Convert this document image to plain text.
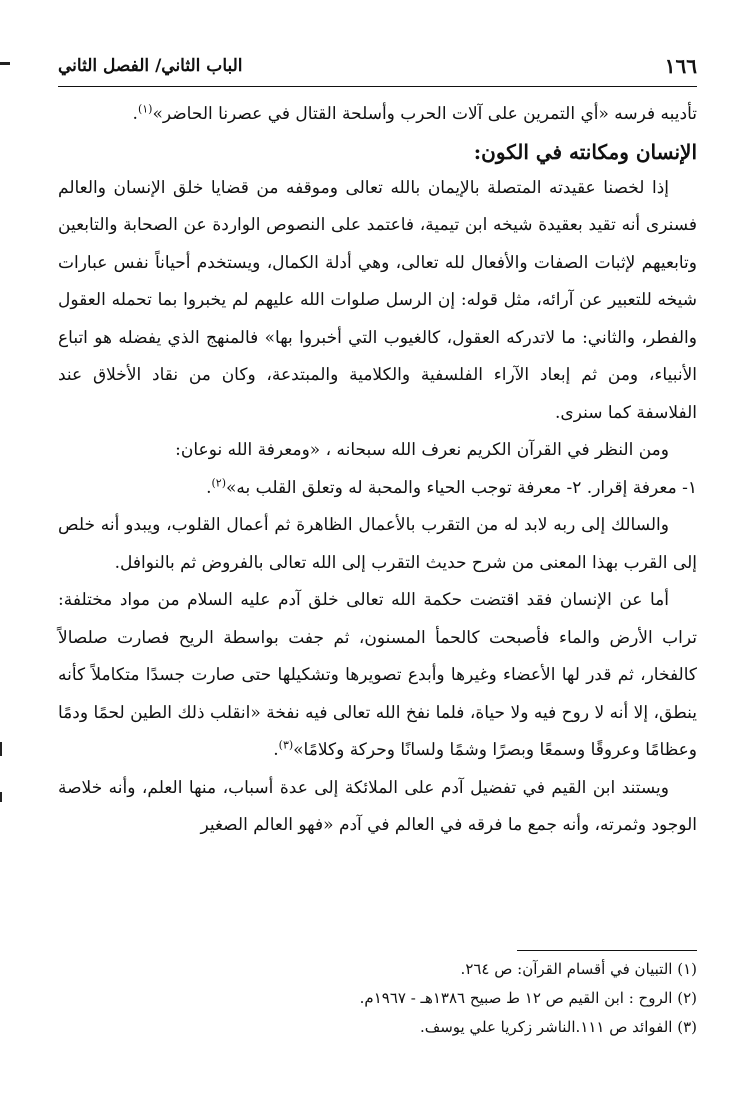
١٦٦
الباب الثاني/ الفصل الثاني

تأديبه فرسه «أي التمرين على آلات الحرب وأسلحة القتال في عصرنا الحاضر»$^{(١)}$.

الإنسان ومكانته في الكون:

إذا لخصنا عقيدته المتصلة بالإيمان بالله تعالى وموقفه من قضايا خلق الإنسان والعالم فسنرى أنه تقيد بعقيدة شيخه ابن تيمية، فاعتمد على النصوص الواردة عن الصحابة والتابعين وتابعيهم لإثبات الصفات والأفعال لله تعالى، وهي أدلة الكمال، ويستخدم أحياناً نفس عبارات شيخه للتعبير عن آرائه، مثل قوله: إن الرسل صلوات الله عليهم لم يخبروا بما تحمله العقول والفطر، والثاني: ما لاتدركه العقول، كالغيوب التي أخبروا بها» فالمنهج الذي يفضله هو اتباع الأنبياء، ومن ثم إبعاد الآراء الفلسفية والكلامية والمبتدعة، وكان من نقاد الأخلاق عند الفلاسفة كما سنرى.

ومن النظر في القرآن الكريم نعرف الله سبحانه ، «ومعرفة الله نوعان:

١- معرفة إقرار. ٢- معرفة توجب الحياء والمحبة له وتعلق القلب به»$^{(٢)}$.

والسالك إلى ربه لابد له من التقرب بالأعمال الظاهرة ثم أعمال القلوب، ويبدو أنه خلص إلى القرب بهذا المعنى من شرح حديث التقرب إلى الله تعالى بالفروض ثم بالنوافل.

أما عن الإنسان فقد اقتضت حكمة الله تعالى خلق آدم عليه السلام من مواد مختلفة: تراب الأرض والماء فأصبحت كالحمأ المسنون، ثم جفت بواسطة الريح فصارت صلصالاً كالفخار، ثم قدر لها الأعضاء وغيرها وأبدع تصويرها وتشكيلها حتى صارت جسدًا متكاملاً كأنه ينطق، إلا أنه لا روح فيه ولا حياة، فلما نفخ الله تعالى فيه نفخة «انقلب ذلك الطين لحمًا ودمًا وعظامًا وعروقًا وسمعًا وبصرًا وشمًا ولسانًا وحركة وكلامًا»$^{(٣)}$.

ويستند ابن القيم في تفضيل آدم على الملائكة إلى عدة أسباب، منها العلم، وأنه خلاصة الوجود وثمرته، وأنه جمع ما فرقه في العالم في آدم «فهو العالم الصغير

(١) التبيان في أقسام القرآن: ص ٢٦٤.

(٢) الروح : ابن القيم ص ١٢ ط صبيح ١٣٨٦هـ - ١٩٦٧م.

(٣) الفوائد ص ١١١.الناشر زكريا علي يوسف.
